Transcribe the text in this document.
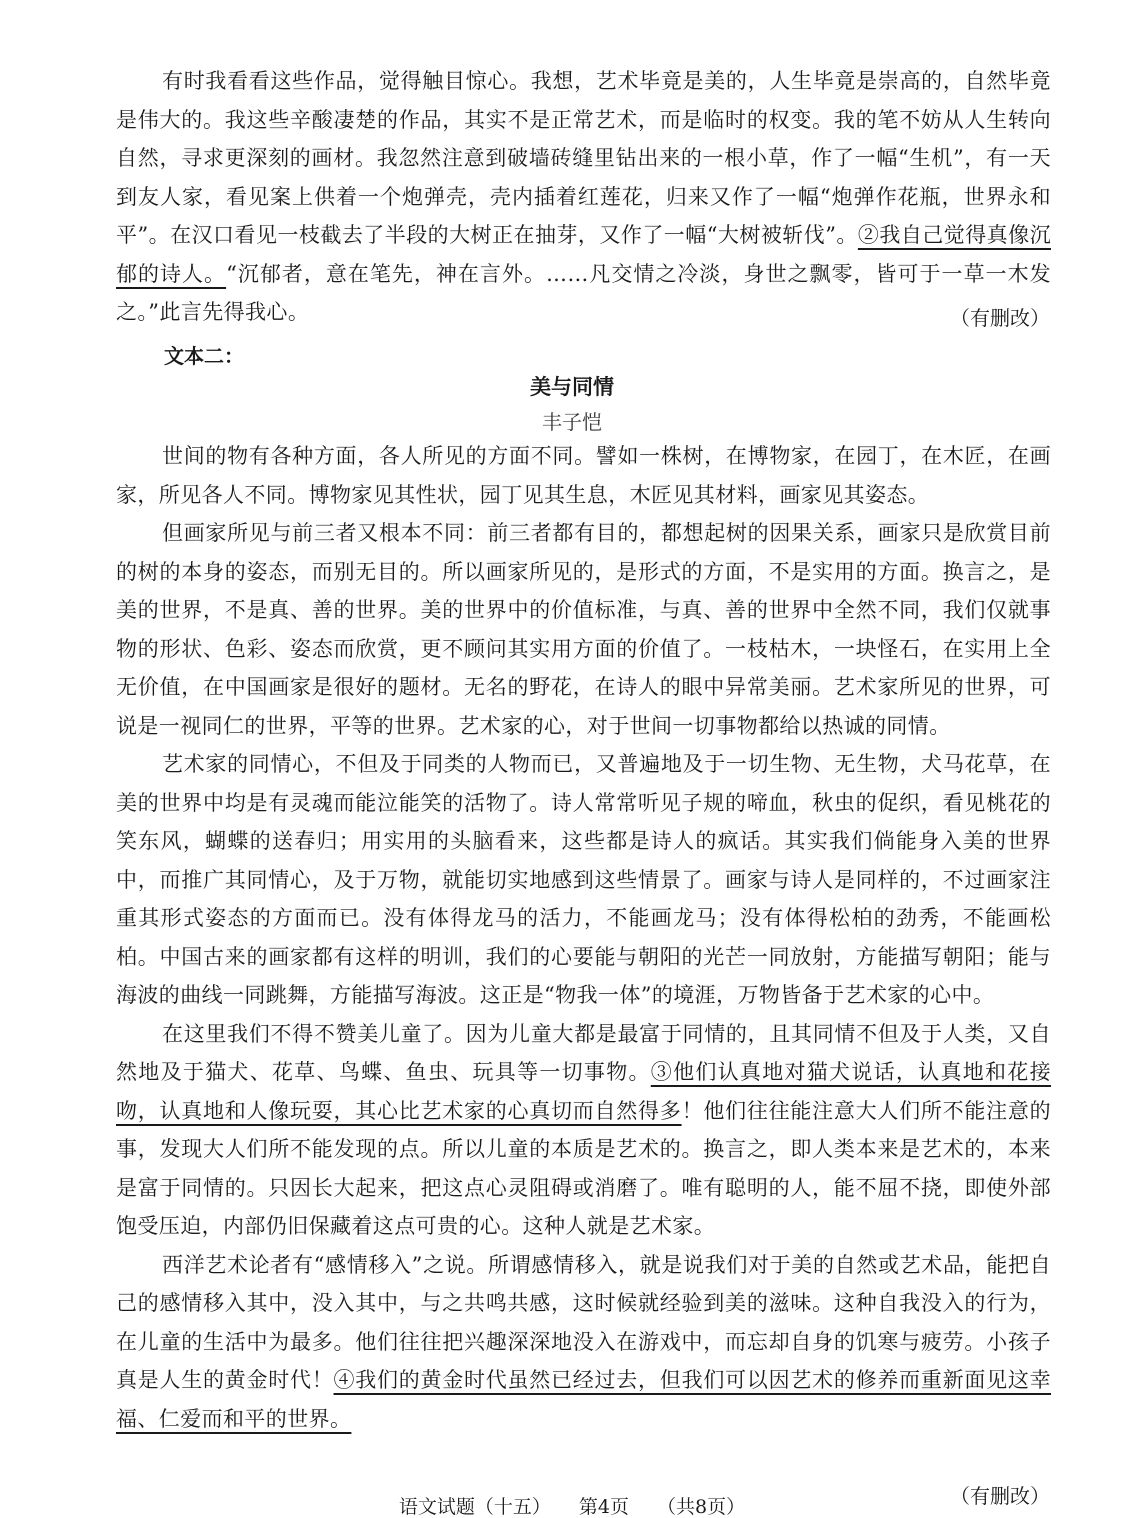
有时我看看这些作品，觉得触目惊心。我想，艺术毕竟是美的，人生毕竟是崇高的，自然毕竟是伟大的。我这些辛酸凄楚的作品，其实不是正常艺术，而是临时的权变。我的笔不妨从人生转向自然，寻求更深刻的画材。我忽然注意到破墙砖缝里钻出来的一根小草，作了一幅“生机”，有一天到友人家，看见案上供着一个炮弹壳，壳内插着红莲花，归来又作了一幅“炮弹作花瓶，世界永和平”。在汉口看见一枝截去了半段的大树正在抽芽，又作了一幅“大树被斩伐”。②我自己觉得真像沉郁的诗人。“沉郁者，意在笔先，神在言外。……凡交情之冷淡，身世之飘零，皆可于一草一木发之。”此言先得我心。	（有删改）
文本二：
美与同情
丰子恺

世间的物有各种方面，各人所见的方面不同。譬如一株树，在博物家，在园丁，在木匠，在画家，所见各人不同。博物家见其性状，园丁见其生息，木匠见其材料，画家见其姿态。

但画家所见与前三者又根本不同：前三者都有目的，都想起树的因果关系，画家只是欣赏目前的树的本身的姿态，而别无目的。所以画家所见的，是形式的方面，不是实用的方面。换言之，是美的世界，不是真、善的世界。美的世界中的价值标准，与真、善的世界中全然不同，我们仅就事物的形状、色彩、姿态而欣赏，更不顾问其实用方面的价值了。一枝枯木，一块怪石，在实用上全无价值，在中国画家是很好的题材。无名的野花，在诗人的眼中异常美丽。艺术家所见的世界，可说是一视同仁的世界，平等的世界。艺术家的心，对于世间一切事物都给以热诚的同情。

艺术家的同情心，不但及于同类的人物而已，又普遍地及于一切生物、无生物，犬马花草，在美的世界中均是有灵魂而能泣能笑的活物了。诗人常常听见子规的啼血，秋虫的促织，看见桃花的笑东风，蝴蝶的送春归；用实用的头脑看来，这些都是诗人的疯话。其实我们倘能身入美的世界中，而推广其同情心，及于万物，就能切实地感到这些情景了。画家与诗人是同样的，不过画家注重其形式姿态的方面而已。没有体得龙马的活力，不能画龙马；没有体得松柏的劲秀，不能画松柏。中国古来的画家都有这样的明训，我们的心要能与朝阳的光芒一同放射，方能描写朝阳；能与海波的曲线一同跳舞，方能描写海波。这正是“物我一体”的境涯，万物皆备于艺术家的心中。

在这里我们不得不赞美儿童了。因为儿童大都是最富于同情的，且其同情不但及于人类，又自然地及于猫犬、花草、鸟蝶、鱼虫、玩具等一切事物。③他们认真地对猫犬说话，认真地和花接吻，认真地和人像玩耍，其心比艺术家的心真切而自然得多！他们往往能注意大人们所不能注意的事，发现大人们所不能发现的点。所以儿童的本质是艺术的。换言之，即人类本来是艺术的，本来是富于同情的。只因长大起来，把这点心灵阻碍或消磨了。唯有聪明的人，能不屈不挠，即使外部饱受压迫，内部仍旧保藏着这点可贵的心。这种人就是艺术家。

西洋艺术论者有“感情移入”之说。所谓感情移入，就是说我们对于美的自然或艺术品，能把自己的感情移入其中，没入其中，与之共鸣共感，这时候就经验到美的滋味。这种自我没入的行为，在儿童的生活中为最多。他们往往把兴趣深深地没入在游戏中，而忘却自身的饥寒与疲劳。小孩子真是人生的黄金时代！④我们的黄金时代虽然已经过去，但我们可以因艺术的修养而重新面见这幸福、仁爱而和平的世界。

（有删改）
语文试题（十五） 第4页 （共8页）
